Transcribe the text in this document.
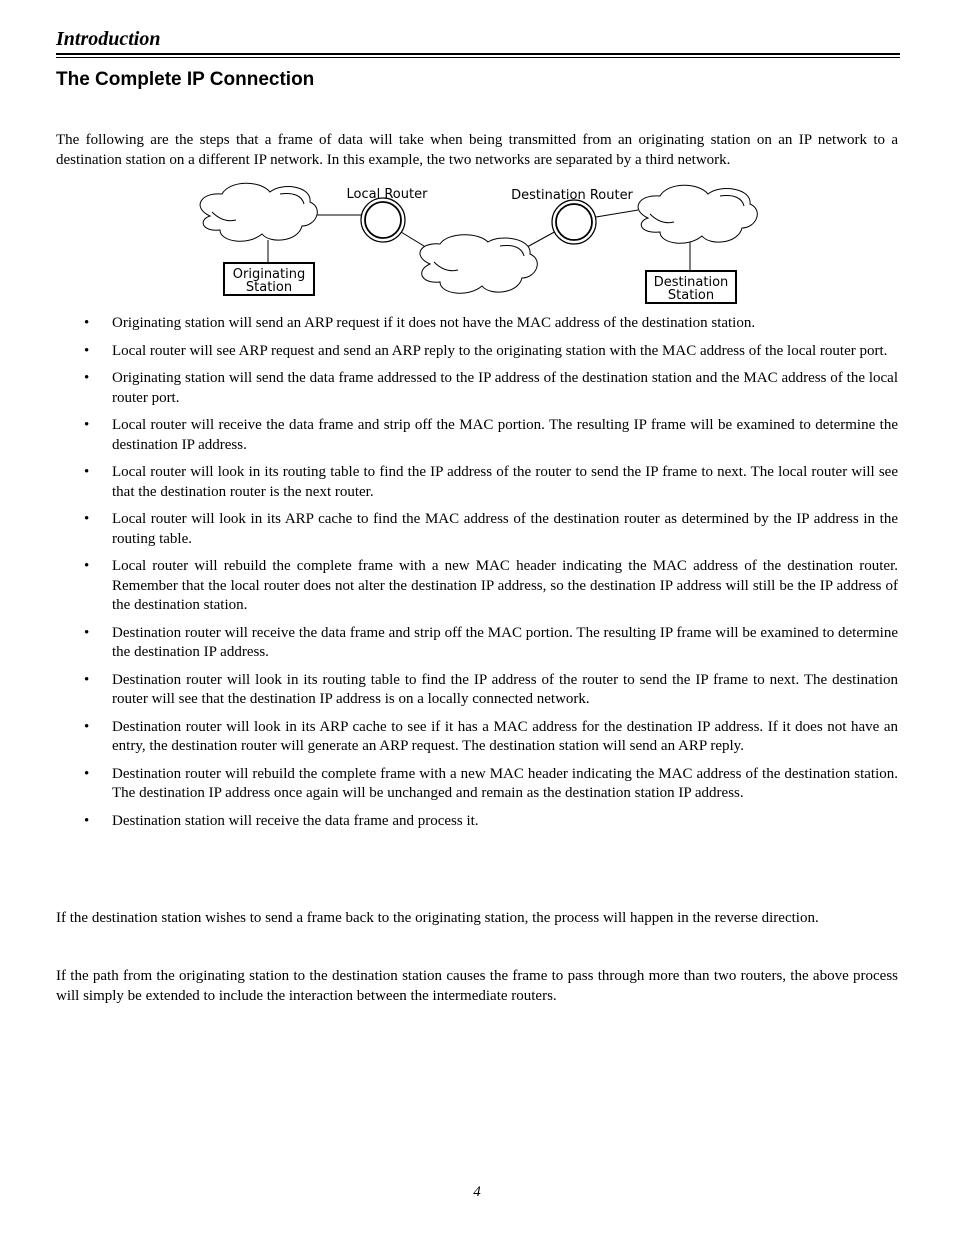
Introduction
The Complete IP Connection

The following are the steps that a frame of data will take when being transmitted from an originating station on an IP network to a destination station on a different IP network. In this example, the two networks are separated by a third network.

Local Router	Destination Router
Originating
Station	Destination
Station
• Originating station will send an ARP request if it does not have the MAC address of the destination station.
• Local router will see ARP request and send an ARP reply to the originating station with the MAC address of the local router port.
• Originating station will send the data frame addressed to the IP address of the destination station and the MAC address of the local router port.
• Local router will receive the data frame and strip off the MAC portion. The resulting IP frame will be examined to determine the destination IP address.
• Local router will look in its routing table to find the IP address of the router to send the IP frame to next. The local router will see that the destination router is the next router.
• Local router will look in its ARP cache to find the MAC address of the destination router as determined by the IP address in the routing table.
• Local router will rebuild the complete frame with a new MAC header indicating the MAC address of the destination router. Remember that the local router does not alter the destination IP address, so the destination IP address will still be the IP address of the destination station.
• Destination router will receive the data frame and strip off the MAC portion. The resulting IP frame will be examined to determine the destination IP address.
• Destination router will look in its routing table to find the IP address of the router to send the IP frame to next. The destination router will see that the destination IP address is on a locally connected network.
• Destination router will look in its ARP cache to see if it has a MAC address for the destination IP address. If it does not have an entry, the destination router will generate an ARP request. The destination station will send an ARP reply.
• Destination router will rebuild the complete frame with a new MAC header indicating the MAC address of the destination station. The destination IP address once again will be unchanged and remain as the destination station IP address.
• Destination station will receive the data frame and process it.

If the destination station wishes to send a frame back to the originating station, the process will happen in the reverse direction.

If the path from the originating station to the destination station causes the frame to pass through more than two routers, the above process will simply be extended to include the interaction between the intermediate routers.

4
